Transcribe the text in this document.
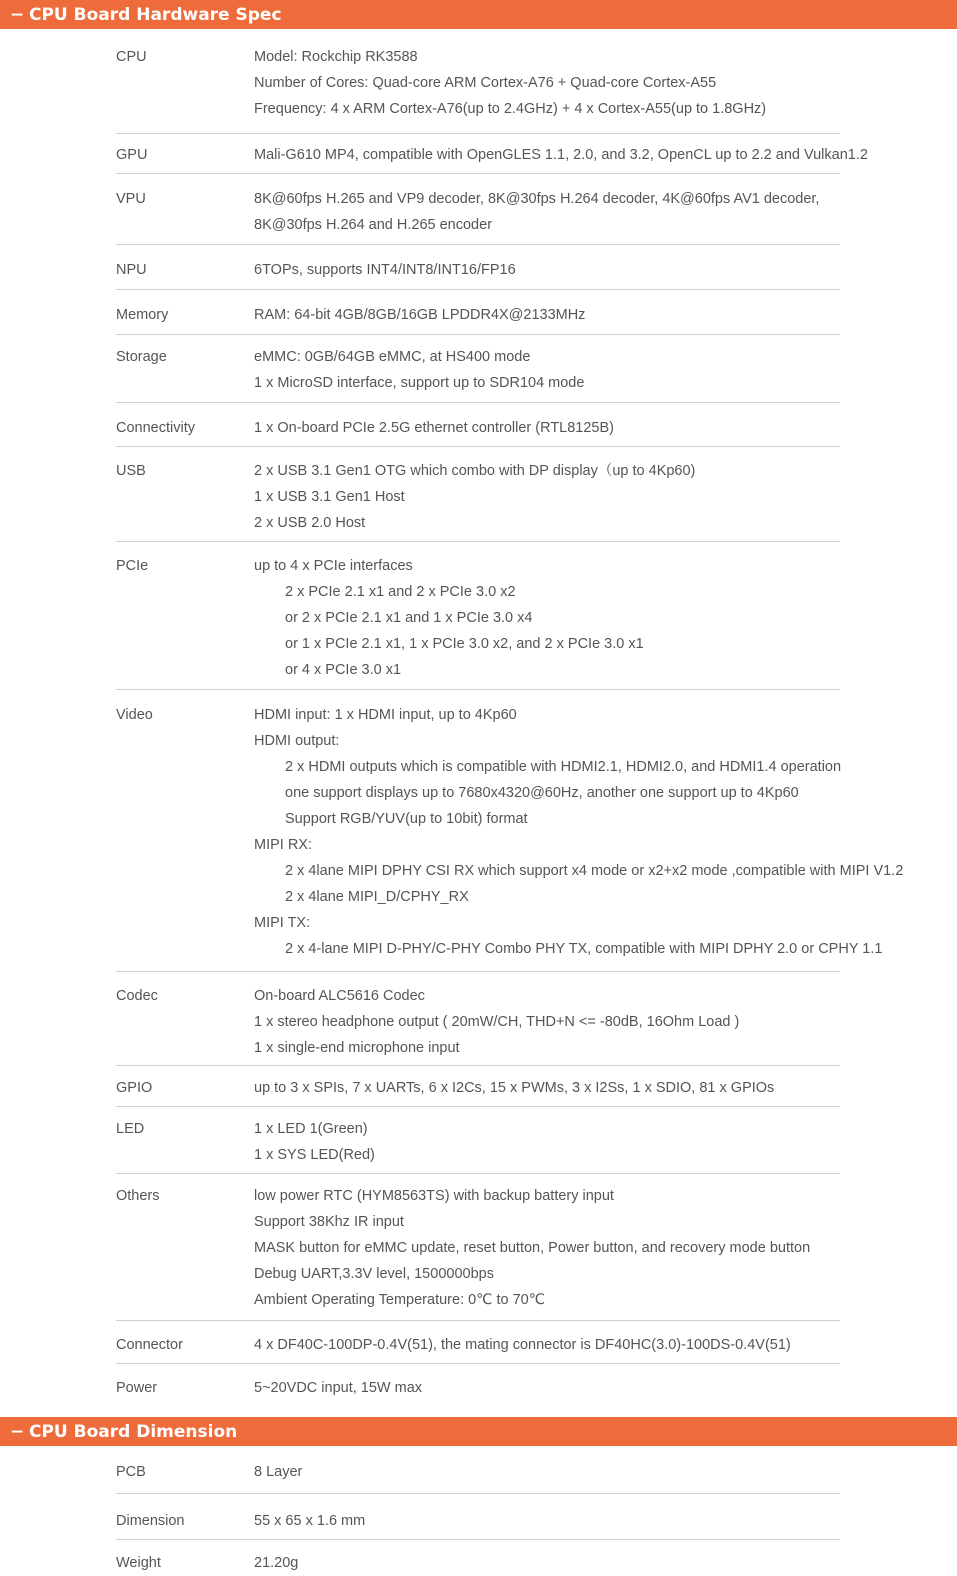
− CPU Board Hardware Spec
CPU	Model: Rockchip RK3588
Number of Cores: Quad-core ARM Cortex-A76 + Quad-core Cortex-A55
Frequency: 4 x ARM Cortex-A76(up to 2.4GHz) + 4 x Cortex-A55(up to 1.8GHz)
GPU	Mali-G610 MP4, compatible with OpenGLES 1.1, 2.0, and 3.2, OpenCL up to 2.2 and Vulkan1.2
VPU	8K@60fps H.265 and VP9 decoder, 8K@30fps H.264 decoder, 4K@60fps AV1 decoder,
8K@30fps H.264 and H.265 encoder
NPU	6TOPs, supports INT4/INT8/INT16/FP16
Memory	RAM: 64-bit 4GB/8GB/16GB LPDDR4X@2133MHz
Storage	eMMC: 0GB/64GB eMMC, at HS400 mode
1 x MicroSD interface, support up to SDR104 mode
Connectivity	1 x On-board PCIe 2.5G ethernet controller (RTL8125B)
USB	2 x USB 3.1 Gen1 OTG which combo with DP display（up to 4Kp60)
1 x USB 3.1 Gen1 Host
2 x USB 2.0 Host
PCIe	up to 4 x PCIe interfaces
2 x PCIe 2.1 x1 and 2 x PCIe 3.0 x2
or 2 x PCIe 2.1 x1 and 1 x PCIe 3.0 x4
or 1 x PCIe 2.1 x1, 1 x PCIe 3.0 x2, and 2 x PCIe 3.0 x1
or 4 x PCIe 3.0 x1
Video	HDMI input: 1 x HDMI input, up to 4Kp60
HDMI output:
2 x HDMI outputs which is compatible with HDMI2.1, HDMI2.0, and HDMI1.4 operation
one support displays up to 7680x4320@60Hz, another one support up to 4Kp60
Support RGB/YUV(up to 10bit) format
MIPI RX:
2 x 4lane MIPI DPHY CSI RX which support x4 mode or x2+x2 mode ,compatible with MIPI V1.2
2 x 4lane MIPI_D/CPHY_RX
MIPI TX:
2 x 4-lane MIPI D-PHY/C-PHY Combo PHY TX, compatible with MIPI DPHY 2.0 or CPHY 1.1
Codec	On-board ALC5616 Codec
1 x stereo headphone output ( 20mW/CH, THD+N <= -80dB, 16Ohm Load )
1 x single-end microphone input
GPIO	up to 3 x SPIs, 7 x UARTs, 6 x I2Cs, 15 x PWMs, 3 x I2Ss, 1 x SDIO, 81 x GPIOs
LED	1 x LED 1(Green)
1 x SYS LED(Red)
Others	low power RTC (HYM8563TS) with backup battery input
Support 38Khz IR input
MASK button for eMMC update, reset button, Power button, and recovery mode button
Debug UART,3.3V level, 1500000bps
Ambient Operating Temperature: 0℃ to 70℃
Connector	4 x DF40C-100DP-0.4V(51), the mating connector is DF40HC(3.0)-100DS-0.4V(51)
Power	5~20VDC input, 15W max
− CPU Board Dimension
PCB	8 Layer
Dimension	55 x 65 x 1.6 mm
Weight	21.20g
